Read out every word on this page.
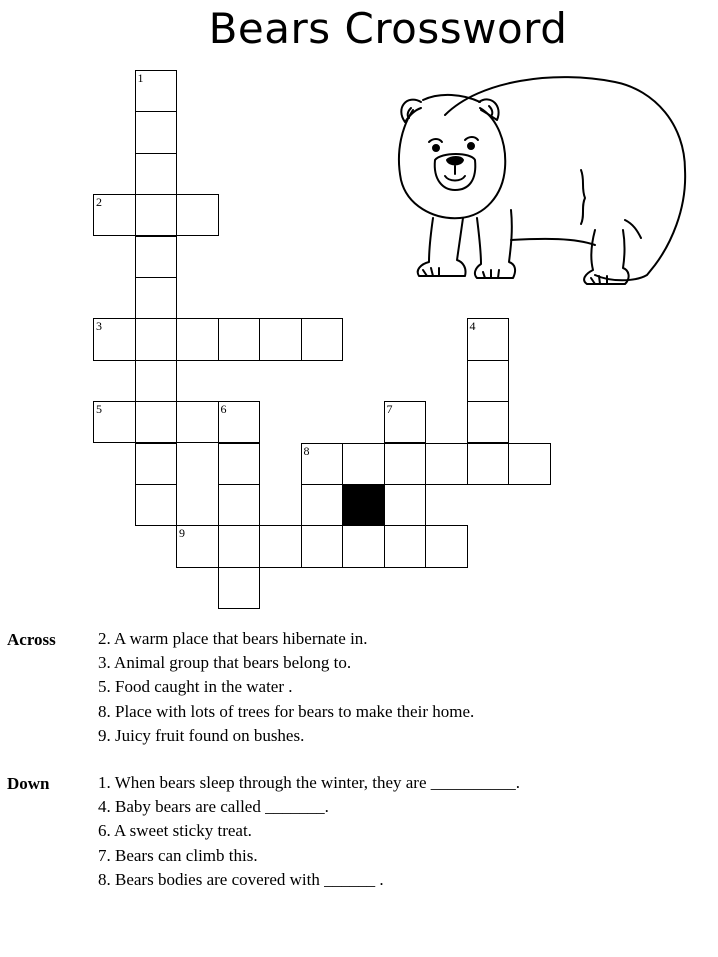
Bears Crossword
1
2
3	4
5	6	7
8
9
Across 2. A warm place that bears hibernate in.
3. Animal group that bears belong to.
5. Food caught in the water .
8. Place with lots of trees for bears to make their home.
9. Juicy fruit found on bushes.
Down	1. When bears sleep through the winter, they are __________.
4. Baby bears are called _______.
6. A sweet sticky treat.
7. Bears can climb this.
8. Bears bodies are covered with ______ .
